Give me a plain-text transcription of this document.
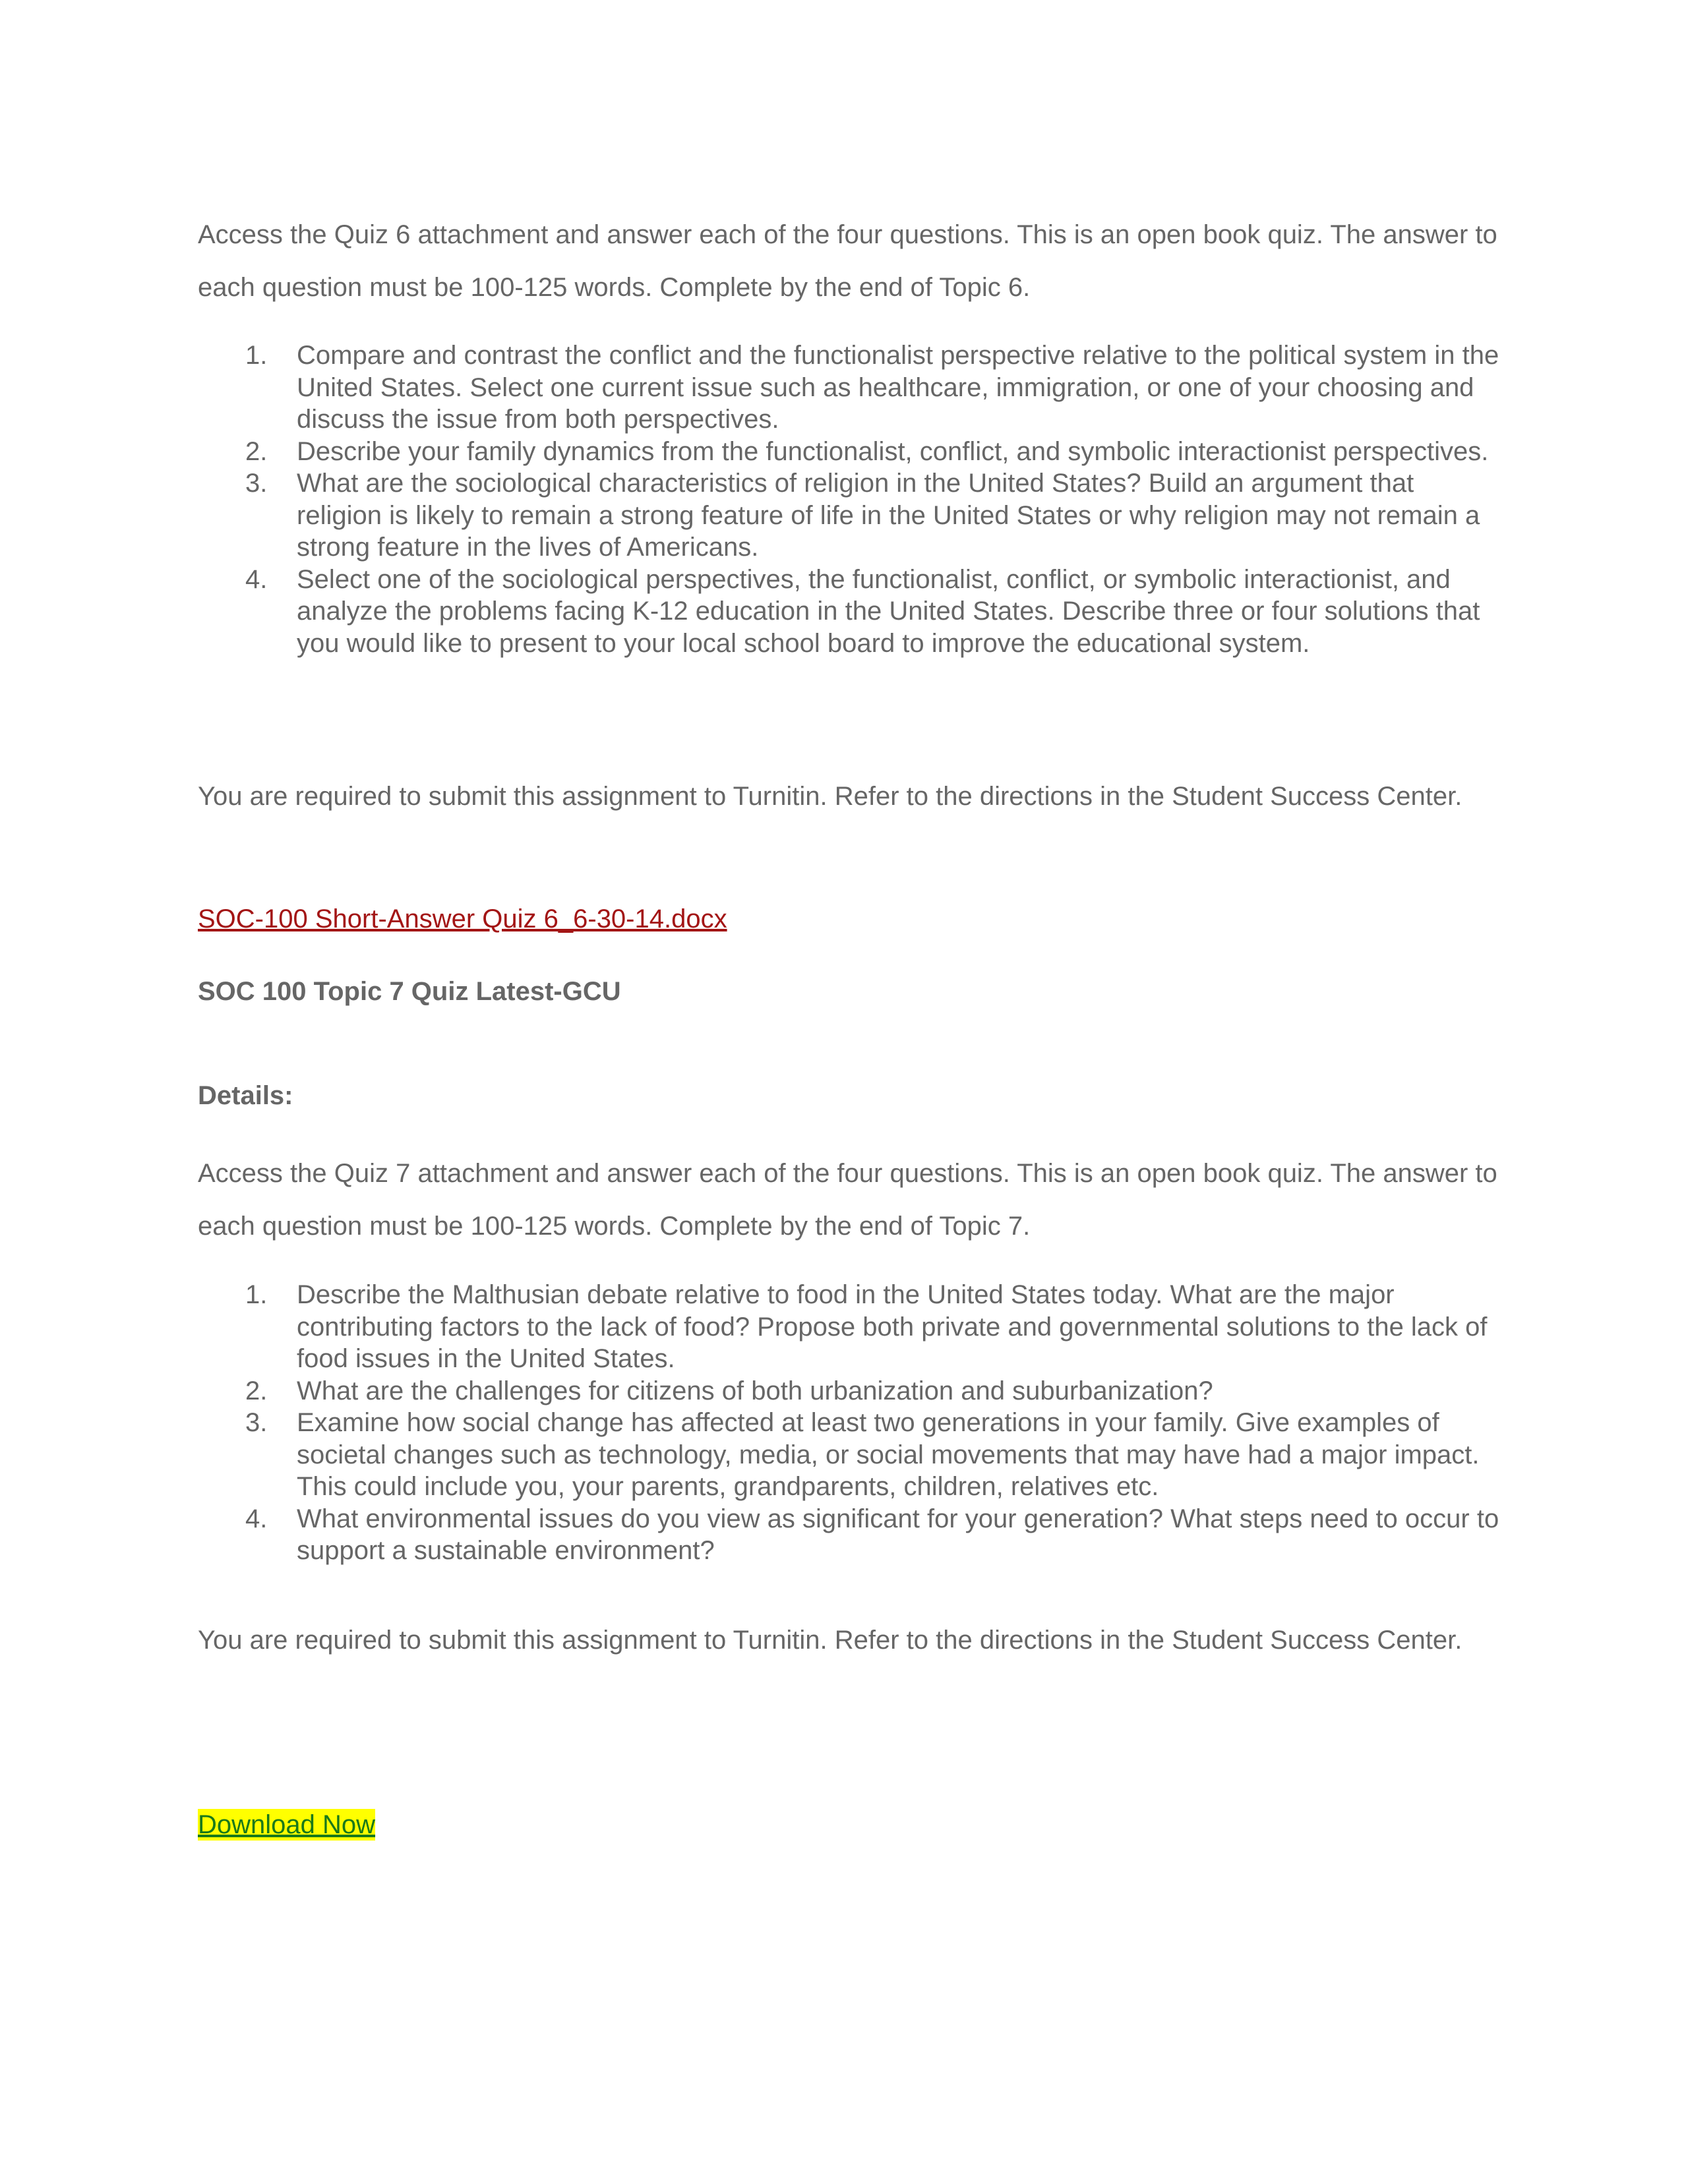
Access the Quiz 6 attachment and answer each of the four questions. This is an open book quiz. The answer to each question must be 100-125 words. Complete by the end of Topic 6.

1.	Compare and contrast the conflict and the functionalist perspective relative to the political system in the United States. Select one current issue such as healthcare, immigration, or one of your choosing and discuss the issue from both perspectives.
2.	Describe your family dynamics from the functionalist, conflict, and symbolic interactionist perspectives.
3.	What are the sociological characteristics of religion in the United States? Build an argument that religion is likely to remain a strong feature of life in the United States or why religion may not remain a strong feature in the lives of Americans.
4.	Select one of the sociological perspectives, the functionalist, conflict, or symbolic interactionist, and analyze the problems facing K-12 education in the United States. Describe three or four solutions that you would like to present to your local school board to improve the educational system.

You are required to submit this assignment to Turnitin. Refer to the directions in the Student Success Center.

SOC-100 Short-Answer Quiz 6_6-30-14.docx
SOC 100 Topic 7 Quiz Latest-GCU
Details:

Access the Quiz 7 attachment and answer each of the four questions. This is an open book quiz. The answer to each question must be 100-125 words. Complete by the end of Topic 7.

1.	Describe the Malthusian debate relative to food in the United States today. What are the major contributing factors to the lack of food? Propose both private and governmental solutions to the lack of food issues in the United States.
2.	What are the challenges for citizens of both urbanization and suburbanization?
3.	Examine how social change has affected at least two generations in your family. Give examples of societal changes such as technology, media, or social movements that may have had a major impact. This could include you, your parents, grandparents, children, relatives etc.
4.	What environmental issues do you view as significant for your generation? What steps need to occur to support a sustainable environment?

You are required to submit this assignment to Turnitin. Refer to the directions in the Student Success Center.

Download Now
